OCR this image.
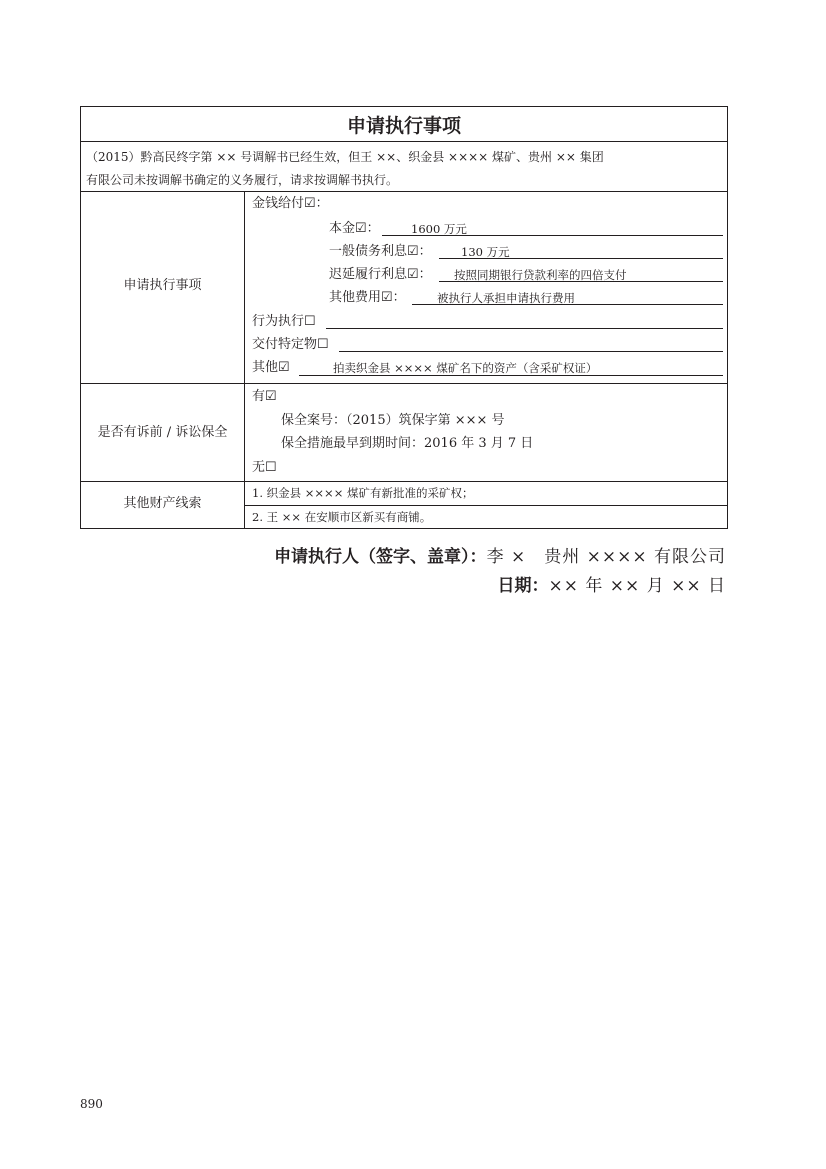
申请执行事项
（2015）黔高民终字第 ×× 号调解书已经生效，但王 ××、织金县 ×××× 煤矿、贵州 ×× 集团
有限公司未按调解书确定的义务履行，请求按调解书执行。
申请执行事项
金钱给付☑：
本金☑：	1600 万元
一般债务利息☑：	130 万元
迟延履行利息☑： 按照同期银行贷款利率的四倍支付
其他费用☑：	被执行人承担申请执行费用
行为执行☐
交付特定物☐
其他☑	拍卖织金县 ×××× 煤矿名下的资产（含采矿权证）
是否有诉前 / 诉讼保全
有☑
保全案号：（2015）筑保字第 ××× 号
保全措施最早到期时间：2016 年 3 月 7 日
无☐
其他财产线索
1. 织金县 ×××× 煤矿有新批准的采矿权；
2. 王 ×× 在安顺市区新买有商铺。
申请执行人（签字、盖章）：李 ×　贵州 ×××× 有限公司
日期：×× 年 ×× 月 ×× 日
890
